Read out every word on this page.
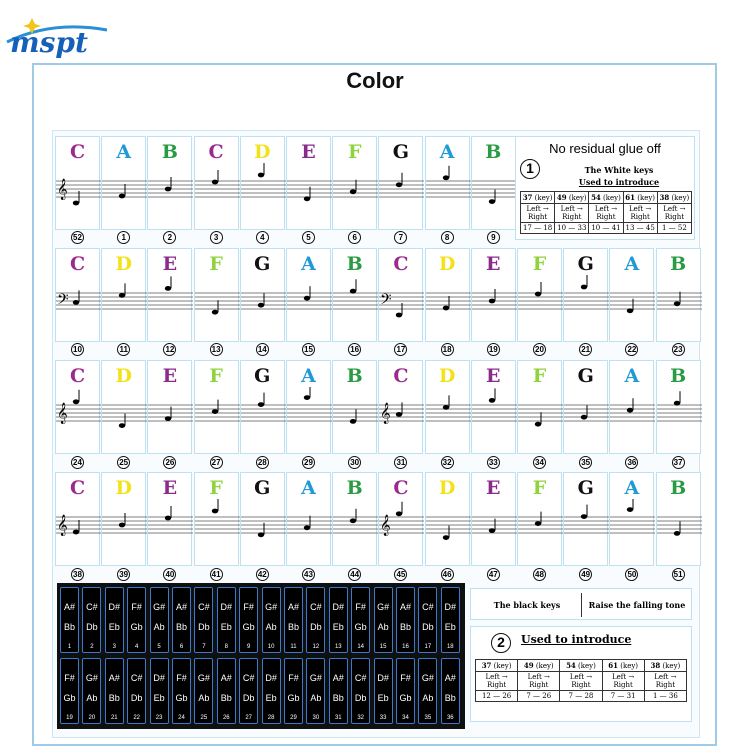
mspt
Color
C
𝄞
52
A
1
B
2
C
3
D
4
E
5
F
6
G
7
A
8
B
9
C
𝄢
10
D
11
E
12
F
13
G
14
A
15
B
16
C
𝄢
17
D
18
E
19
F
20
G
21
A
22
B
23
C
𝄞
24
D
25
E
26
F
27
G
28
A
29
B
30
C
𝄞
31
D
32
E
33
F
34
G
35
A
36
B
37
C
𝄞
38
D
39
E
40
F
41
G
42
A
43
B
44
C
𝄞
45
D
46
E
47
F
48
G
49
A
50
B
51
No residual glue off
1	The White keys
Used to introduce
37 (key)	49 (key)	54 (key)	61 (key)	38 (key)
Left → Right	Left → Right	Left → Right	Left → Right	Left → Right
17 — 18	10 — 33	10 — 41	13 — 45	1 — 52
The black keys	Raise the falling tone
2	Used to introduce
37 (key)	49 (key)	54 (key)	61 (key)	38 (key)
Left → Right	Left → Right	Left → Right	Left → Right	Left → Right
12 — 26	7 — 26	7 — 28	7 — 31	1 — 36
A#
Bb
1
C#
Db
2
D#
Eb
3
F#
Gb
4
G#
Ab
5
A#
Bb
6
C#
Db
7
D#
Eb
8
F#
Gb
9
G#
Ab
10
A#
Bb
11
C#
Db
12
D#
Eb
13
F#
Gb
14
G#
Ab
15
A#
Bb
16
C#
Db
17
D#
Eb
18
F#
Gb
19
G#
Ab
20
A#
Bb
21
C#
Db
22
D#
Eb
23
F#
Gb
24
G#
Ab
25
A#
Bb
26
C#
Db
27
D#
Eb
28
F#
Gb
29
G#
Ab
30
A#
Bb
31
C#
Db
32
D#
Eb
33
F#
Gb
34
G#
Ab
35
A#
Bb
36
